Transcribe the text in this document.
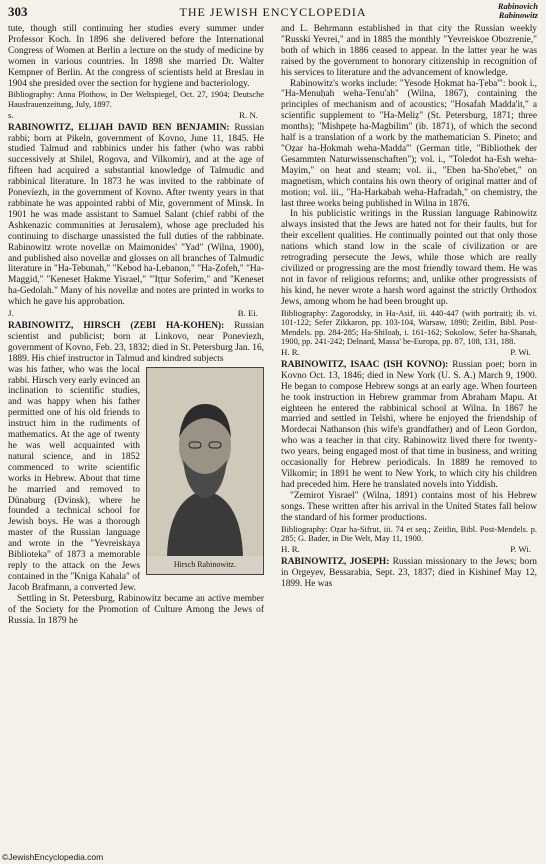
303	THE JEWISH ENCYCLOPEDIA	Rabinovich
Rabinowitz

tute, though still continuing her studies every summer under Professor Koch. In 1896 she delivered before the International Congress of Women at Berlin a lecture on the study of medicine by women in various countries. In 1898 she married Dr. Walter Kempner of Berlin. At the congress of scientists held at Breslau in 1904 she presided over the section for hygiene and bacteriology.

Bibliography: Anna Plothow, in Der Weltspiegel, Oct. 27, 1904; Deutsche Hausfrauenzeitung, July, 1897.

s.	R. N.

RABINOWITZ, ELIJAH DAVID BEN BENJAMIN: Russian rabbi; born at Pikeln, government of Kovno, June 11, 1845. He studied Talmud and rabbinics under his father (who was rabbi successively at Shilel, Rogova, and Vilkomir), and at the age of fifteen had acquired a substantial knowledge of Talmudic and rabbinical literature. In 1873 he was invited to the rabbinate of Ponevíezh, in the government of Kovno. After twenty years in that rabbinate he was appointed rabbi of Mir, government of Minsk. In 1901 he was made assistant to Samuel Salant (chief rabbi of the Ashkenazic communities at Jerusalem), whose age precluded his continuing to discharge unassisted the full duties of the rabbinate. Rabinowitz wrote novellæ on Maimonides' "Yad" (Wilna, 1900), and published also novellæ and glosses on all branches of Talmudic literature in "Ha-Tebunah," "Kebod ha-Lebanon," "Ha-Ẓofeh," "Ha-Maggid," "Keneset Ḥakme Yisrael," "'Iṭṭur Soferim," and "Keneset ha-Gedolah." Many of his novellæ and notes are printed in works to which he gave his approbation.

J.	B. Ei.

RABINOWITZ, HIRSCH (ZEBI HA-KOHEN): Russian scientist and publicist; born at Linkovo, near Poneviezh, government of Kovno, Feb. 23, 1832; died in St. Petersburg Jan. 16, 1889. His chief instructor in Talmud and kindred subjects

Hirsch Rabinowitz.

was his father, who was the local rabbi. Hirsch very early evinced an inclination to scientific studies, and was happy when his father permitted one of his old friends to instruct him in the rudiments of mathematics. At the age of twenty he was well acquainted with natural science, and in 1852 commenced to write scientific works in Hebrew. About that time he married and removed to Dünaburg (Dvinsk), where he founded a technical school for Jewish boys. He was a thorough master of the Russian language and wrote in the "Yevreiskaya Biblioteka" of 1873 a memorable reply to the attack on the Jews contained in the "Kniga Kahala" of Jacob Brafmann, a converted Jew.

Settling in St. Petersburg, Rabinowitz became an active member of the Society for the Promotion of Culture Among the Jews of Russia. In 1879 he

and L. Behrmann established in that city the Russian weekly "Russki Yevrei," and in 1885 the monthly "Yevreiskoe Obozrenie," both of which in 1886 ceased to appear. In the latter year he was raised by the government to honorary citizenship in recognition of his services to literature and the advancement of knowledge.

Rabinowitz's works include: "Yesode Ḥokmat ha-Ṭeba'": book i., "Ha-Menuḥah weha-Tenu'ah" (Wilna, 1867), containing the principles of mechanism and of acoustics; "Hosafah Madda'it," a scientific supplement to "Ha-Meliẓ" (St. Petersburg, 1871; three months); "Mishpeṭe ha-Magbilim" (ib. 1871), of which the second half is a translation of a work by the mathematician S. Pineto; and "Oẓar ha-Ḥokmah weha-Madda'" (German title, "Bibliothek der Gesammten Naturwissenschaften"); vol. i., "Toledot ha-Esh weha-Mayim," on heat and steam; vol. ii., "Eben ha-Sho'ebet," on magnetism, which contains his own theory of original matter and of motion; vol. iii., "Ha-Harkabah weha-Hafradah," on chemistry, the last three works being published in Wilna in 1876.

In his publicistic writings in the Russian language Rabinowitz always insisted that the Jews are hated not for their faults, but for their excellent qualities. He continually pointed out that only those nations which stand low in the scale of civilization or are retrograding persecute the Jews, while those which are really civilized or progressing are the most friendly toward them. He was not in favor of religious reforms; and, unlike other progressists of his kind, he never wrote a harsh word against the strictly Orthodox Jews, among whom he had been brought up.

Bibliography: Zagorodsky, in Ha-Asif, iii. 440-447 (with portrait); ib. vi. 101-122; Sefer Zikkaron, pp. 103-104, Warsaw, 1890; Zeitlin, Bibl. Post-Mendels. pp. 284-285; Ha-Shiloaḥ, i. 161-162; Sokolow, Sefer ha-Shanah, 1900, pp. 241-242; Delnard, Massa' be-Europa, pp. 87, 108, 131, 188.

H. R.	P. Wi.

RABINOWITZ, ISAAC (ISH KOVNO): Russian poet; born in Kovno Oct. 13, 1846; died in New York (U. S. A.) March 9, 1900. He began to compose Hebrew songs at an early age. When fourteen he took instruction in Hebrew grammar from Abraham Mapu. At eighteen he entered the rabbinical school at Wilna. In 1867 he married and settled in Telshi, where he enjoyed the friendship of Mordecai Nathanson (his wife's grandfather) and of Leon Gordon, who was a teacher in that city. Rabinowitz lived there for twenty-two years, being engaged most of that time in business, and writing occasionally for Hebrew periodicals. In 1889 he removed to Vilkomir; in 1891 he went to New York, to which city his children had preceded him. Here he translated novels into Yiddish.

"Zemirot Yisrael" (Wilna, 1891) contains most of his Hebrew songs. These written after his arrival in the United States fall below the standard of his former productions.

Bibliography: Oẓar ha-Sifrut, iii. 74 et seq.; Zeitlin, Bibl. Post-Mendels. p. 285; G. Bader, in Die Welt, May 11, 1900.

H. R.	P. Wi.

RABINOWITZ, JOSEPH: Russian missionary to the Jews; born in Orgeyev, Bessarabia, Sept. 23, 1837; died in Kishinef May 12, 1899. He was

©JewishEncyclopedia.com
